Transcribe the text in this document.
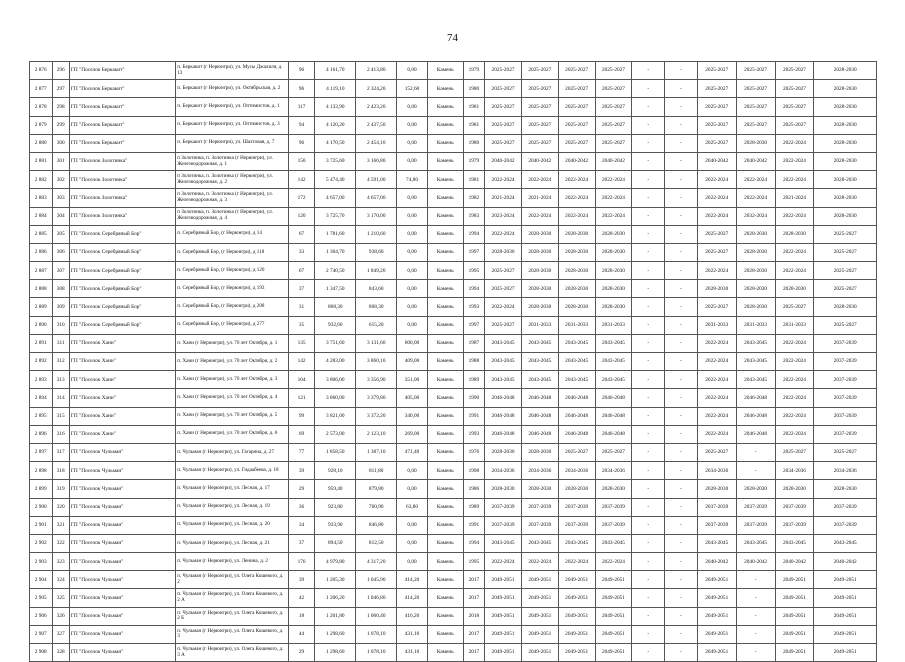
74
2 876	296	ГП "Поселок Беркакит"	п. Беркакит (г Нерюнгри), ул. Мусы Джалиля, д. 13	96	4 161,70	2 413,80	0,00	Камень	1979	2025-2027	2025-2027	2025-2027	2025-2027	-	-	2025-2027	2025-2027	2025-2027	2028-2030
2 877	297	ГП "Поселок Беркакит"	п. Беркакит (г Нерюнгри), ул. Октябрьская, д. 2	96	4 119,10	2 324,20	152,60	Камень	1980	2025-2027	2025-2027	2025-2027	2025-2027	-	-	2025-2027	2025-2027	2025-2027	2028-2030
2 878	298	ГП "Поселок Беркакит"	п. Беркакит (г Нерюнгри), ул. Оптимистов, д. 1	117	4 133,90	2 423,20	0,00	Камень	1981	2025-2027	2025-2027	2025-2027	2025-2027	-	-	2025-2027	2025-2027	2025-2027	2028-2030
2 879	299	ГП "Поселок Беркакит"	п. Беркакит (г Нерюнгри), ул. Оптимистов, д. 3	94	4 120,20	2 437,50	0,00	Камень	1981	2025-2027	2025-2027	2025-2027	2025-2027	-	-	2025-2027	2025-2027	2025-2027	2028-2030
2 880	300	ГП "Поселок Беркакит"	п. Беркакит (г Нерюнгри), ул. Шахтовая, д. 7	96	4 170,50	2 454,10	0,00	Камень	1980	2025-2027	2025-2027	2025-2027	2025-2027	-	-	2025-2027	2028-2030	2022-2024	2028-2030
2 881	301	ГП "Поселок Золотинка"	п Золотинка, п. Золотинка (г Нерюнгри), ул. Железнодорожная, д. 1	150	3 725,60	3 166,80	0,00	Камень	1979	2040-2042	2040-2042	2040-2042	2040-2042	-	-	2040-2042	2040-2042	2022-2024	2028-2030
2 882	302	ГП "Поселок Золотинка"	п Золотинка, п. Золотинка (г Нерюнгри), ул. Железнодорожная, д. 2	142	5 474,40	4 591,00	74,80	Камень	1981	2022-2024	2022-2024	2022-2024	2022-2024	-	-	2022-2024	2022-2024	2022-2024	2028-2030
2 883	303	ГП "Поселок Золотинка"	п Золотинка, п. Золотинка (г Нерюнгри), ул. Железнодорожная, д. 3	172	4 657,00	4 657,00	0,00	Камень	1982	2021-2024	2021-2024	2022-2024	2022-2024	-	-	2022-2024	2022-2024	2021-2024	2028-2030
2 884	304	ГП "Поселок Золотинка"	п Золотинка, п. Золотинка (г Нерюнгри), ул. Железнодорожная, д. 4	120	3 725,70	3 170,00	0,00	Камень	1983	2023-2024	2022-2024	2022-2024	2022-2024	-	-	2022-2024	2032-2024	2022-2024	2028-2030
2 885	305	ГП "Поселок Серебряный Бор"	п. Серебряный Бор, (г Нерюнгри), д 14	67	1 781,60	1 210,60	0,00	Камень	1994	2022-2024	2028-2030	2028-2030	2028-2030	-	-	2025-2027	2028-2030	2028-2030	2025-2027
2 886	306	ГП "Поселок Серебряный Бор"	п. Серебряный Бор, (г Нерюнгри), д 118	33	1 304,70	938,60	0,00	Камень	1997	2028-2030	2028-2030	2028-2030	2028-2030	-	-	2025-2027	2028-2030	2022-2024	2025-2027
2 887	307	ГП "Поселок Серебряный Бор"	п. Серебряный Бор, (г Нерюнгри), д 120	67	2 740,50	1 849,20	0,00	Камень	1995	2025-2027	2028-2030	2028-2030	2028-2030	-	-	2022-2024	2028-2030	2022-2024	2025-2027
2 888	308	ГП "Поселок Серебряный Бор"	п. Серебряный Бор, (г Нерюнгри), д 193	37	1 347,50	843,60	0,00	Камень	1994	2025-2027	2028-2030	2028-2030	2028-2030	-	-	2028-2030	2028-2030	2028-2030	2025-2027
2 889	309	ГП "Поселок Серебряный Бор"	п. Серебряный Бор, (г Нерюнгри), д 208	31	868,30	868,30	0,00	Камень	1993	2022-2024	2028-2030	2028-2030	2028-2030	-	-	2025-2027	2028-2030	2025-2027	2028-2030
2 890	310	ГП "Поселок Серебряный Бор"	п. Серебряный Бор, (г Нерюнгри), д 277	35	932,60	615,20	0,00	Камень	1997	2025-2027	2031-2033	2031-2033	2031-2033	-	-	2031-2033	2031-2033	2031-2033	2025-2027
2 891	311	ГП "Поселок Хани"	п. Хани (г Нерюнгри), ул. 70 лет Октября, д. 1	135	3 751,60	3 131,60	600,00	Камень	1987	2043-2045	2043-2045	2043-2045	2043-2045	-	-	2022-2024	2043-2045	2022-2024	2037-2039
2 892	312	ГП "Поселок Хани"	п. Хани (г Нерюнгри), ул. 70 лет Октября, д. 2	142	4 283,00	3 860,10	409,00	Камень	1988	2043-2045	2043-2045	2043-2045	2043-2045	-	-	2022-2024	2043-2045	2022-2024	2037-2039
2 893	313	ГП "Поселок Хани"	п. Хани (г Нерюнгри), ул. 70 лет Октября, д. 3	104	3 806,00	3 356,90	351,00	Камень	1989	2043-2045	2043-2045	2043-2045	2043-2045	-	-	2022-2024	2043-2045	2022-2024	2037-2039
2 894	314	ГП "Поселок Хани"	п. Хани (г Нерюнгри), ул. 70 лет Октября, д. 4	121	3 860,00	3 379,80	405,00	Камень	1990	2046-2048	2046-2048	2046-2048	2046-2048	-	-	2022-2024	2046-2048	2022-2024	2037-2039
2 895	315	ГП "Поселок Хани"	п. Хани (г Нерюнгри), ул. 70 лет Октября, д. 5	99	3 821,00	3 372,20	340,00	Камень	1991	2046-2048	2046-2048	2046-2048	2046-2048	-	-	2022-2024	2046-2048	2022-2024	2037-2039
2 896	316	ГП "Поселок Хани"	п. Хани (г Нерюнгри), ул. 70 лет Октября, д. 6	69	2 573,00	2 123,10	269,00	Камень	1993	2046-2048	2046-2048	2046-2048	2046-2048	-	-	2022-2024	2046-2048	2022-2024	2037-2039
2 897	317	ГП "Поселок Чульман"	п. Чульман (г Нерюнгри), ул. Гагарина, д. 27	77	1 858,50	1 387,10	471,40	Камень	1976	2028-2030	2028-2030	2025-2027	2025-2027	-	-	2025-2027	-	2025-2027	2025-2027
2 898	318	ГП "Поселок Чульман"	п. Чульман (г Нерюнгри), ул. Гидаабеева, д. 18	39	928,10	811,80	0,00	Камень	1998	2034-2036	2034-2036	2034-2036	2034-2036	-	-	2034-2036	-	2034-2036	2034-2036
2 899	319	ГП "Поселок Чульман"	п. Чульман (г Нерюнгри), ул. Лесная, д. 17	29	959,40	879,80	0,00	Камень	1986	2028-2030	2028-2030	2028-2030	2028-2030	-	-	2028-2030	2028-2030	2028-2030	2028-2030
2 900	320	ГП "Поселок Чульман"	п. Чульман (г Нерюнгри), ул. Лесная, д. 19	36	923,80	760,90	63,80	Камень	1989	2037-2039	2037-2039	2037-2039	2037-2039	-	-	2037-2039	2037-2039	2037-2039	2037-2039
2 901	321	ГП "Поселок Чульман"	п. Чульман (г Нерюнгри), ул. Лесная, д. 20	34	933,90	846,80	0,00	Камень	1991	2037-2039	2037-2039	2037-2039	2037-2039	-	-	2037-2039	2037-2039	2037-2039	2037-2039
2 902	322	ГП "Поселок Чульман"	п. Чульман (г Нерюнгри), ул. Лесная, д. 21	37	894,50	812,50	0,00	Камень	1994	2043-2045	2043-2045	2043-2045	2043-2045	-	-	2043-2045	2043-2045	2043-2045	2043-2045
2 903	323	ГП "Поселок Чульман"	п. Чульман (г Нерюнгри), ул. Ленина, д. 2	176	4 979,80	4 317,20	0,00	Камень	1995	2022-2024	2022-2024	2022-2024	2022-2024	-	-	2040-2042	2040-2042	2040-2042	2040-2042
2 904	324	ГП "Поселок Чульман"	п. Чульман (г Нерюнгри), ул. Олега Кошевого, д. 2	39	1 205,30	1 045,90	414,20	Камень	2017	2049-2051	2049-2051	2049-2051	2049-2051	-	-	2049-2051	-	2049-2051	2049-2051
2 905	325	ГП "Поселок Чульман"	п. Чульман (г Нерюнгри), ул. Олега Кошевого, д. 2 А	42	1 206,20	1 046,80	414,20	Камень	2017	2049-2051	2049-2051	2049-2051	2049-2051	-	-	2049-2051	-	2049-2051	2049-2051
2 906	326	ГП "Поселок Чульман"	п. Чульман (г Нерюнгри), ул. Олега Кошевого, д. 2 Б	18	1 201,80	1 060,40	416,20	Камень	2018	2049-2051	2049-2051	2049-2051	2049-2051	-	-	2049-2051	-	2049-2051	2049-2051
2 907	327	ГП "Поселок Чульман"	п. Чульман (г Нерюнгри), ул. Олега Кошевого, д. 3	44	1 298,60	1 078,10	431,10	Камень	2017	2049-2051	2049-2051	2049-2051	2049-2051	-	-	2049-2051	-	2049-2051	2049-2051
2 908	328	ГП "Поселок Чульман"	п. Чульман (г Нерюнгри), ул. Олега Кошевого, д. 3 А	29	1 298,60	1 078,10	431,10	Камень	2017	2049-2051	2049-2051	2049-2051	2049-2051	-	-	2049-2051	-	2049-2051	2049-2051
